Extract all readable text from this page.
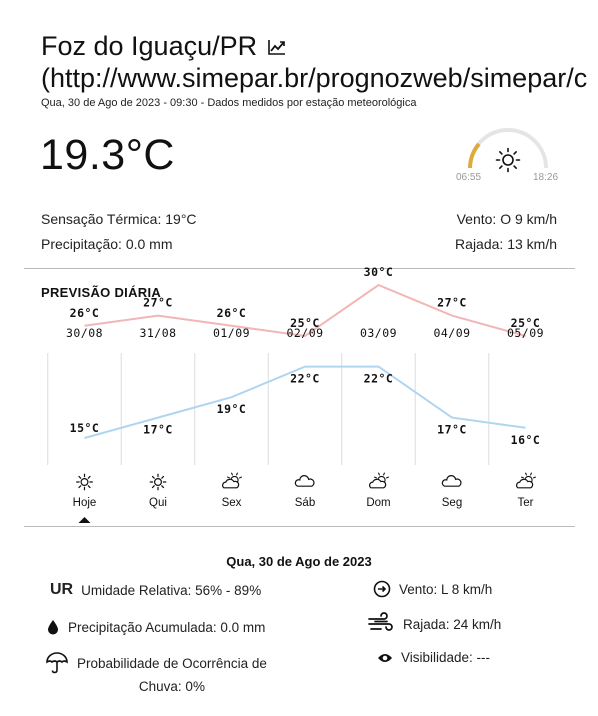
Foz do Iguaçu/PR
(http://www.simepar.br/prognozweb/simepar/c
Qua, 30 de Ago de 2023 - 09:30 - Dados medidos por estação meteorológica
19.3°C	06:55	18:26
Sensação Térmica: 19°C
Precipitação: 0.0 mm
Vento: O 9 km/h
Rajada: 13 km/h
PREVISÃO DIÁRIA
30/08
26°C
15°C
Hoje
31/08
27°C
17°C
Qui
01/09
26°C
19°C
Sex
02/09
25°C
22°C
Sáb
03/09
30°C
22°C
Dom
04/09
27°C
17°C
Seg
05/09
25°C
16°C
Ter
Qua, 30 de Ago de 2023
UR Umidade Relativa: 56% - 89%
Precipitação Acumulada: 0.0 mm
Probabilidade de Ocorrência de
Chuva: 0%
Vento: L 8 km/h
Rajada: 24 km/h
Visibilidade: ---
